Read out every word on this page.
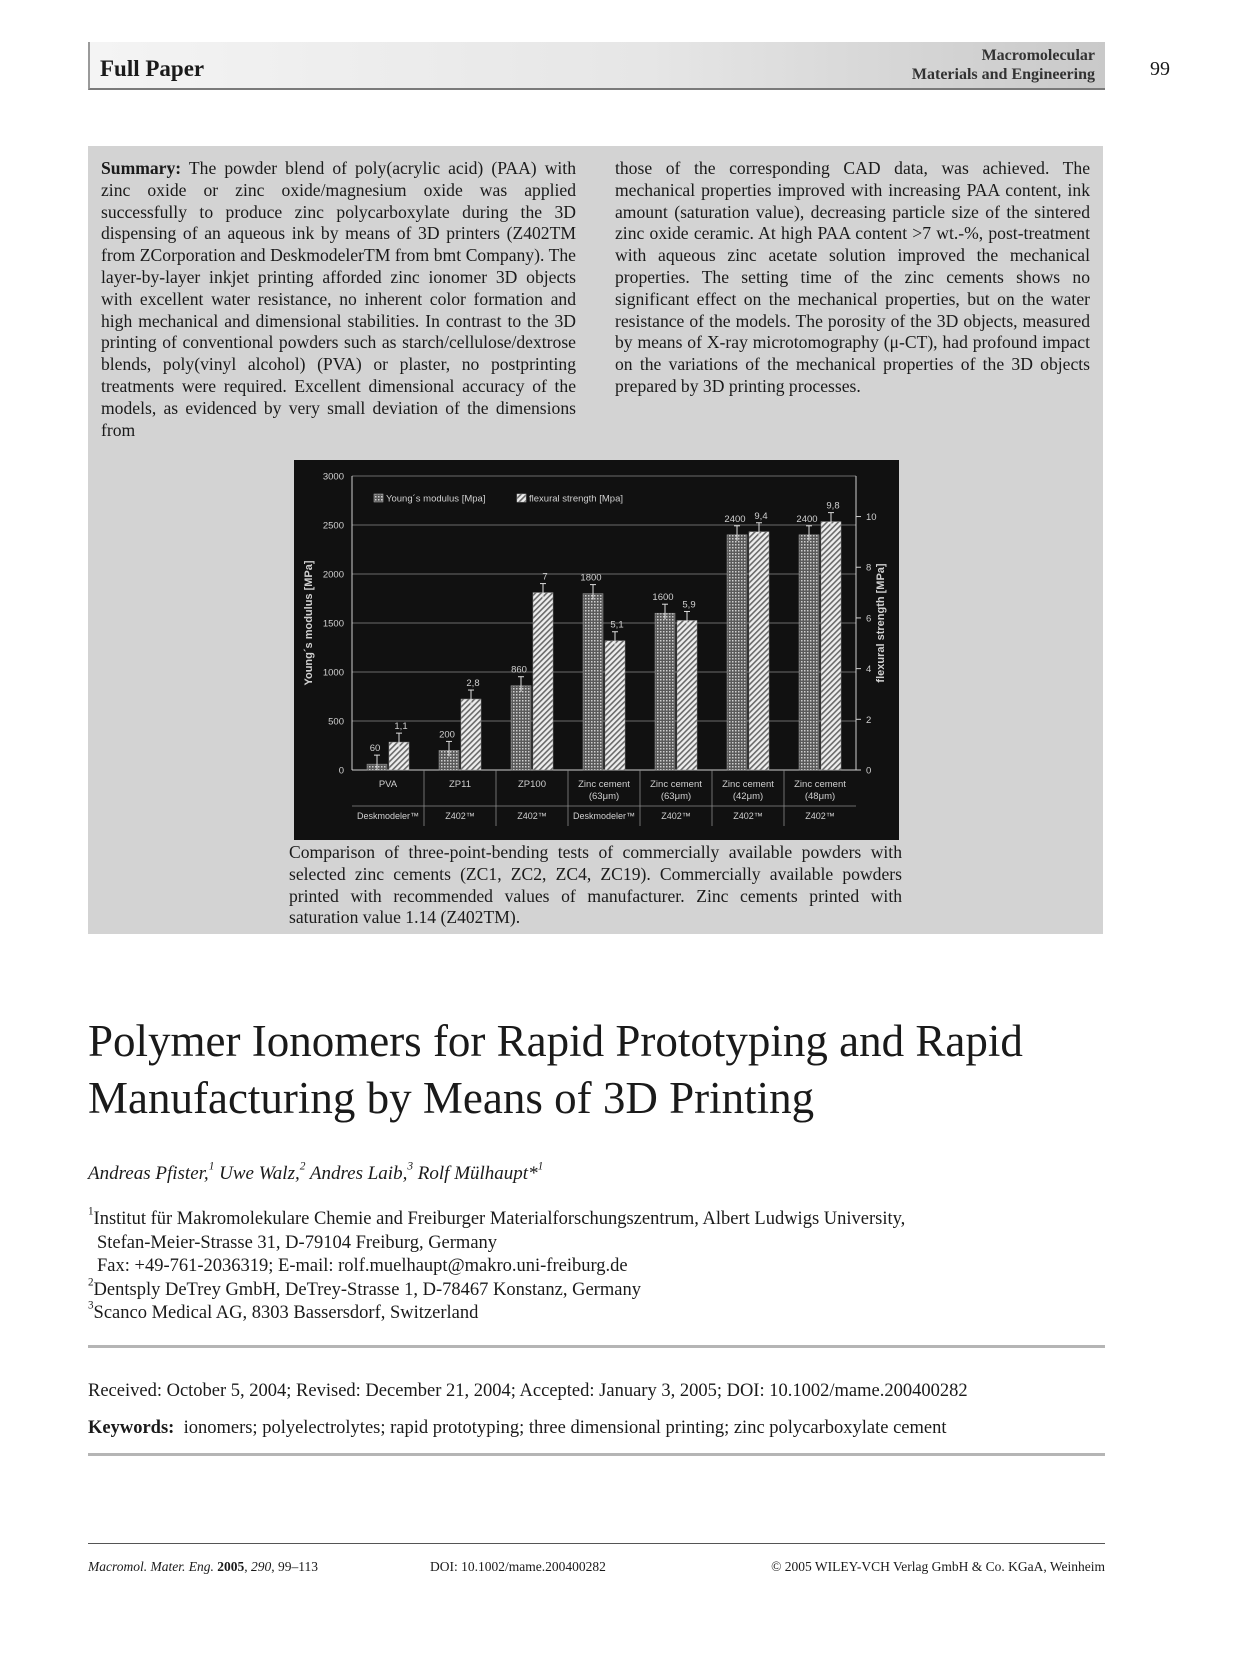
Full Paper
Macromolecular
Materials and Engineering	99
Summary: The powder blend of poly(acrylic acid) (PAA) with zinc oxide or zinc oxide/magnesium oxide was applied successfully to produce zinc polycarboxylate during the 3D dispensing of an aqueous ink by means of 3D printers (Z402TM from ZCorporation and DeskmodelerTM from bmt Company). The layer-by-layer inkjet printing afforded zinc ionomer 3D objects with excellent water resistance, no inherent color formation and high mechanical and dimensional stabilities. In contrast to the 3D printing of conventional powders such as starch/cellulose/dextrose blends, poly(vinyl alcohol) (PVA) or plaster, no postprinting treatments were required. Excellent dimensional accuracy of the models, as evidenced by very small deviation of the dimensions from
those of the corresponding CAD data, was achieved. The mechanical properties improved with increasing PAA content, ink amount (saturation value), decreasing particle size of the sintered zinc oxide ceramic. At high PAA content >7 wt.-%, post-treatment with aqueous zinc acetate solution improved the mechanical properties. The setting time of the zinc cements shows no significant effect on the mechanical properties, but on the water resistance of the models. The porosity of the 3D objects, measured by means of X-ray microtomography (μ-CT), had profound impact on the variations of the mechanical properties of the 3D objects prepared by 3D printing processes.
0
500
1000
1500
2000
2500
3000
0
2
4
6
8
10
Young´s modulus [MPa]	flexural strength [MPa]
60
1,1
PVA
Deskmodeler™
200
2,8
ZP11
Z402™
860
7
ZP100
Z402™
1800
5,1
Zinc cement
(63μm)
Deskmodeler™
1600
5,9
Zinc cement
(63μm)
Z402™
2400 9,4
Zinc cement
(42μm)
Z402™
2400
9,8
Zinc cement
(48μm)
Z402™
Young´s modulus [Mpa]	flexural strength [Mpa]
Comparison of three-point-bending tests of commercially available powders with selected zinc cements (ZC1, ZC2, ZC4, ZC19). Commercially available powders printed with recommended values of manufacturer. Zinc cements printed with saturation value 1.14 (Z402TM).
Polymer Ionomers for Rapid Prototyping and Rapid Manufacturing by Means of 3D Printing
Andreas Pfister,$^1$ Uwe Walz,$^2$ Andres Laib,$^3$ Rolf Mülhaupt*$^1$
$^1$Institut für Makromolekulare Chemie and Freiburger Materialforschungszentrum, Albert Ludwigs University,
Stefan-Meier-Strasse 31, D-79104 Freiburg, Germany
Fax: +49-761-2036319; E-mail: rolf.muelhaupt@makro.uni-freiburg.de
$^2$Dentsply DeTrey GmbH, DeTrey-Strasse 1, D-78467 Konstanz, Germany
$^3$Scanco Medical AG, 8303 Bassersdorf, Switzerland
Received: October 5, 2004; Revised: December 21, 2004; Accepted: January 3, 2005; DOI: 10.1002/mame.200400282
Keywords: ionomers; polyelectrolytes; rapid prototyping; three dimensional printing; zinc polycarboxylate cement
Macromol. Mater. Eng. 2005, 290, 99–113	DOI: 10.1002/mame.200400282	© 2005 WILEY-VCH Verlag GmbH & Co. KGaA, Weinheim
